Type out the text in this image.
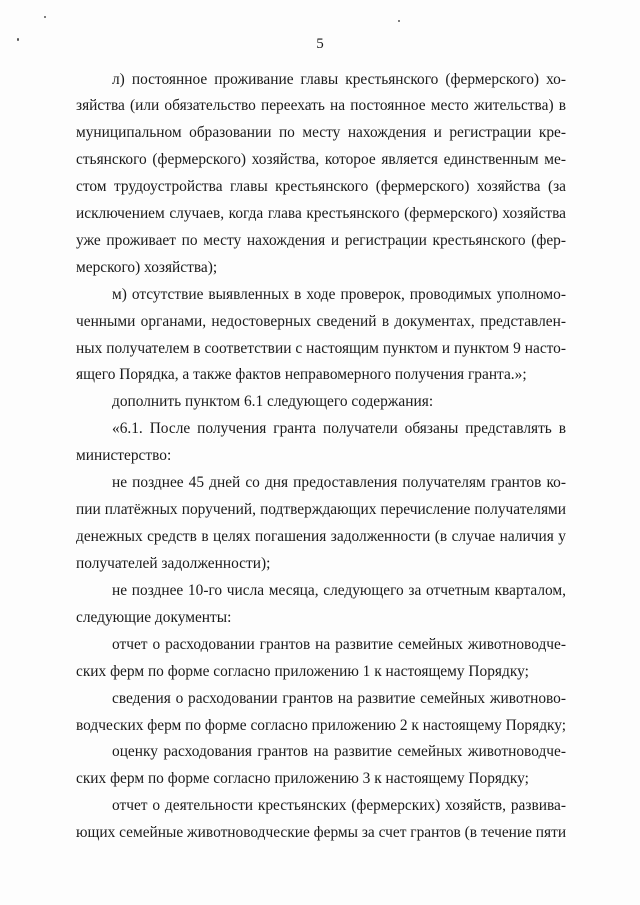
5
л) постоянное проживание главы крестьянского (фермерского) хо-
зяйства (или обязательство переехать на постоянное место жительства) в
муниципальном образовании по месту нахождения и регистрации кре-
стьянского (фермерского) хозяйства, которое является единственным ме-
стом трудоустройства главы крестьянского (фермерского) хозяйства (за
исключением случаев, когда глава крестьянского (фермерского) хозяйства
уже проживает по месту нахождения и регистрации крестьянского (фер-
мерского) хозяйства);
м) отсутствие выявленных в ходе проверок, проводимых уполномо-
ченными органами, недостоверных сведений в документах, представлен-
ных получателем в соответствии с настоящим пунктом и пунктом 9 насто-
ящего Порядка, а также фактов неправомерного получения гранта.»;
дополнить пунктом 6.1 следующего содержания:
«6.1. После получения гранта получатели обязаны представлять в
министерство:
не позднее 45 дней со дня предоставления получателям грантов ко-
пии платёжных поручений, подтверждающих перечисление получателями
денежных средств в целях погашения задолженности (в случае наличия у
получателей задолженности);
не позднее 10-го числа месяца, следующего за отчетным кварталом,
следующие документы:
отчет о расходовании грантов на развитие семейных животноводче-
ских ферм по форме согласно приложению 1 к настоящему Порядку;
сведения о расходовании грантов на развитие семейных животново-
водческих ферм по форме согласно приложению 2 к настоящему Порядку;
оценку расходования грантов на развитие семейных животноводче-
ских ферм по форме согласно приложению 3 к настоящему Порядку;
отчет о деятельности крестьянских (фермерских) хозяйств, развива-
ющих семейные животноводческие фермы за счет грантов (в течение пяти
